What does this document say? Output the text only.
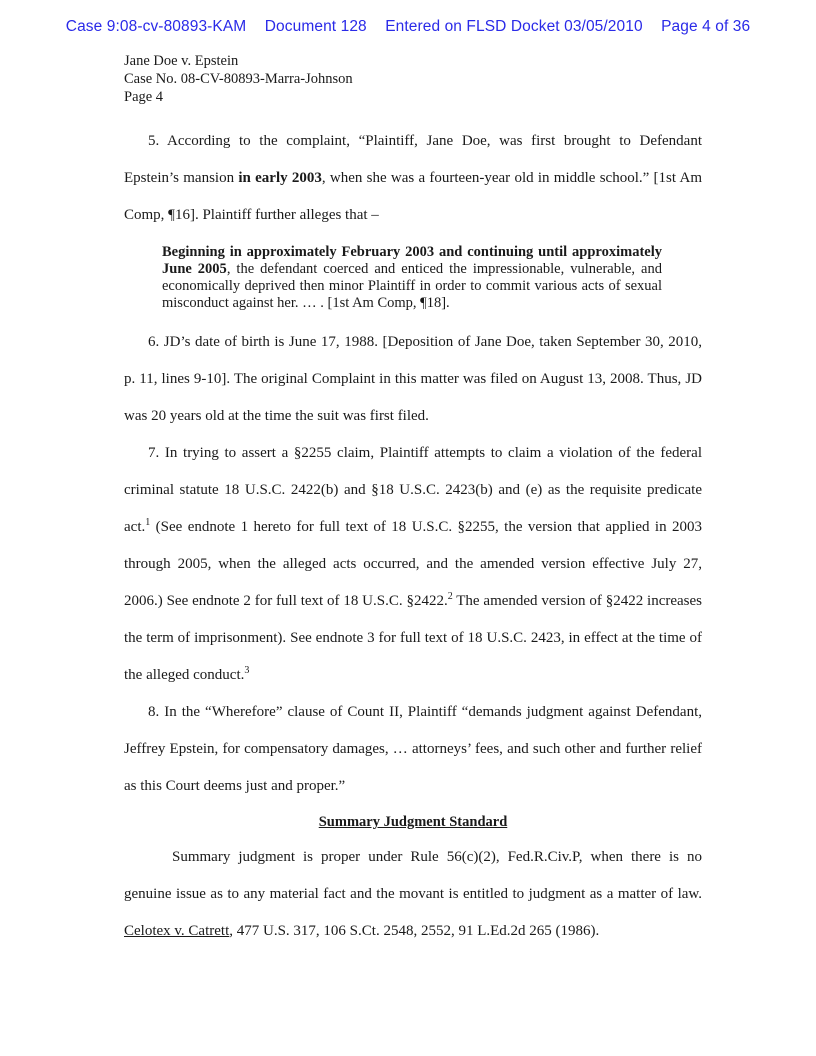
Case 9:08-cv-80893-KAM Document 128 Entered on FLSD Docket 03/05/2010 Page 4 of 36
Jane Doe v. Epstein
Case No. 08-CV-80893-Marra-Johnson
Page 4

5. According to the complaint, “Plaintiff, Jane Doe, was first brought to Defendant Epstein’s mansion in early 2003, when she was a fourteen-year old in middle school.” [1st Am Comp, ¶16]. Plaintiff further alleges that –

Beginning in approximately February 2003 and continuing until approximately June 2005, the defendant coerced and enticed the impressionable, vulnerable, and economically deprived then minor Plaintiff in order to commit various acts of sexual misconduct against her. … . [1st Am Comp, ¶18].

6. JD’s date of birth is June 17, 1988. [Deposition of Jane Doe, taken September 30, 2010, p. 11, lines 9-10]. The original Complaint in this matter was filed on August 13, 2008. Thus, JD was 20 years old at the time the suit was first filed.

7. In trying to assert a §2255 claim, Plaintiff attempts to claim a violation of the federal criminal statute 18 U.S.C. 2422(b) and §18 U.S.C. 2423(b) and (e) as the requisite predicate act.$^1$ (See endnote 1 hereto for full text of 18 U.S.C. §2255, the version that applied in 2003 through 2005, when the alleged acts occurred, and the amended version effective July 27, 2006.) See endnote 2 for full text of 18 U.S.C. §2422.$^2$ The amended version of §2422 increases the term of imprisonment). See endnote 3 for full text of 18 U.S.C. 2423, in effect at the time of the alleged conduct.$^3$

8. In the “Wherefore” clause of Count II, Plaintiff “demands judgment against Defendant, Jeffrey Epstein, for compensatory damages, … attorneys’ fees, and such other and further relief as this Court deems just and proper.”

Summary Judgment Standard

Summary judgment is proper under Rule 56(c)(2), Fed.R.Civ.P, when there is no genuine issue as to any material fact and the movant is entitled to judgment as a matter of law. Celotex v. Catrett, 477 U.S. 317, 106 S.Ct. 2548, 2552, 91 L.Ed.2d 265 (1986).
